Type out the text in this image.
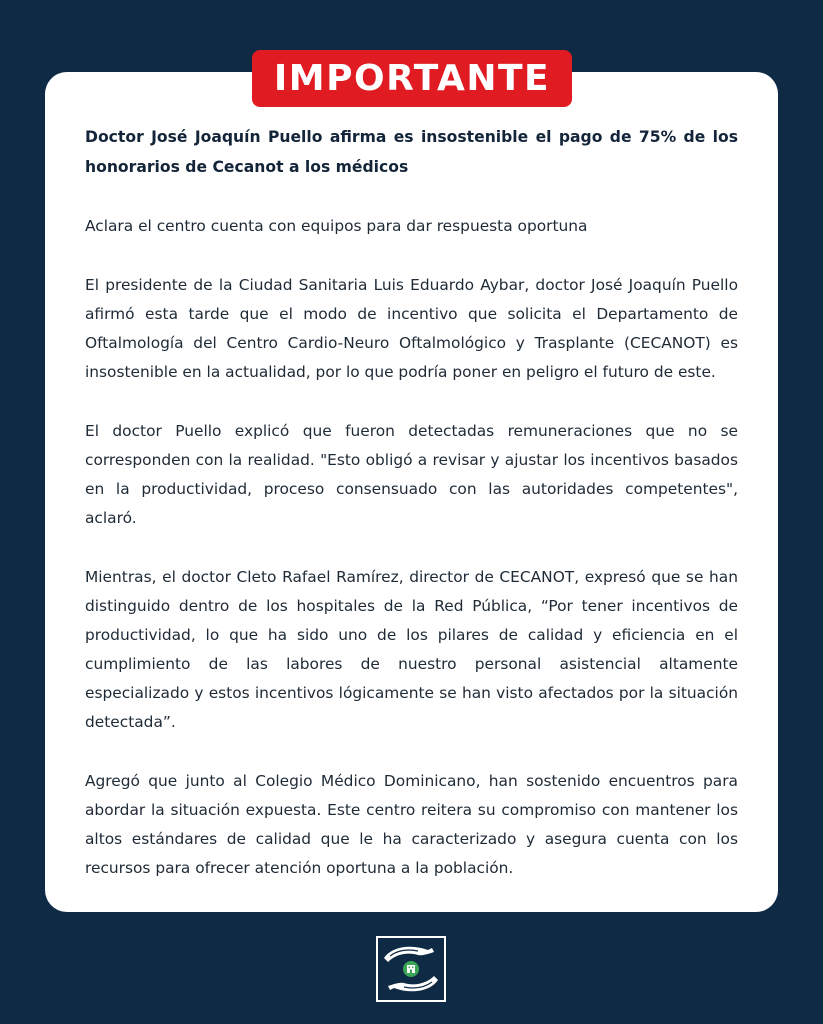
IMPORTANTE

Doctor José Joaquín Puello afirma es insostenible el pago de 75% de los honorarios de Cecanot a los médicos

Aclara el centro cuenta con equipos para dar respuesta oportuna

El presidente de la Ciudad Sanitaria Luis Eduardo Aybar, doctor José Joaquín Puello afirmó esta tarde que el modo de incentivo que solicita el Departamento de Oftalmología del Centro Cardio-Neuro Oftalmológico y Trasplante (CECANOT) es insostenible en la actualidad, por lo que podría poner en peligro el futuro de este.

El doctor Puello explicó que fueron detectadas remuneraciones que no se corresponden con la realidad. "Esto obligó a revisar y ajustar los incentivos basados en la productividad, proceso consensuado con las autoridades competentes", aclaró.

Mientras, el doctor Cleto Rafael Ramírez, director de CECANOT, expresó que se han distinguido dentro de los hospitales de la Red Pública, “Por tener incentivos de productividad, lo que ha sido uno de los pilares de calidad y eficiencia en el cumplimiento de las labores de nuestro personal asistencial altamente especializado y estos incentivos lógicamente se han visto afectados por la situación detectada”.

Agregó que junto al Colegio Médico Dominicano, han sostenido encuentros para abordar la situación expuesta. Este centro reitera su compromiso con mantener los altos estándares de calidad que le ha caracterizado y asegura cuenta con los recursos para ofrecer atención oportuna a la población.
